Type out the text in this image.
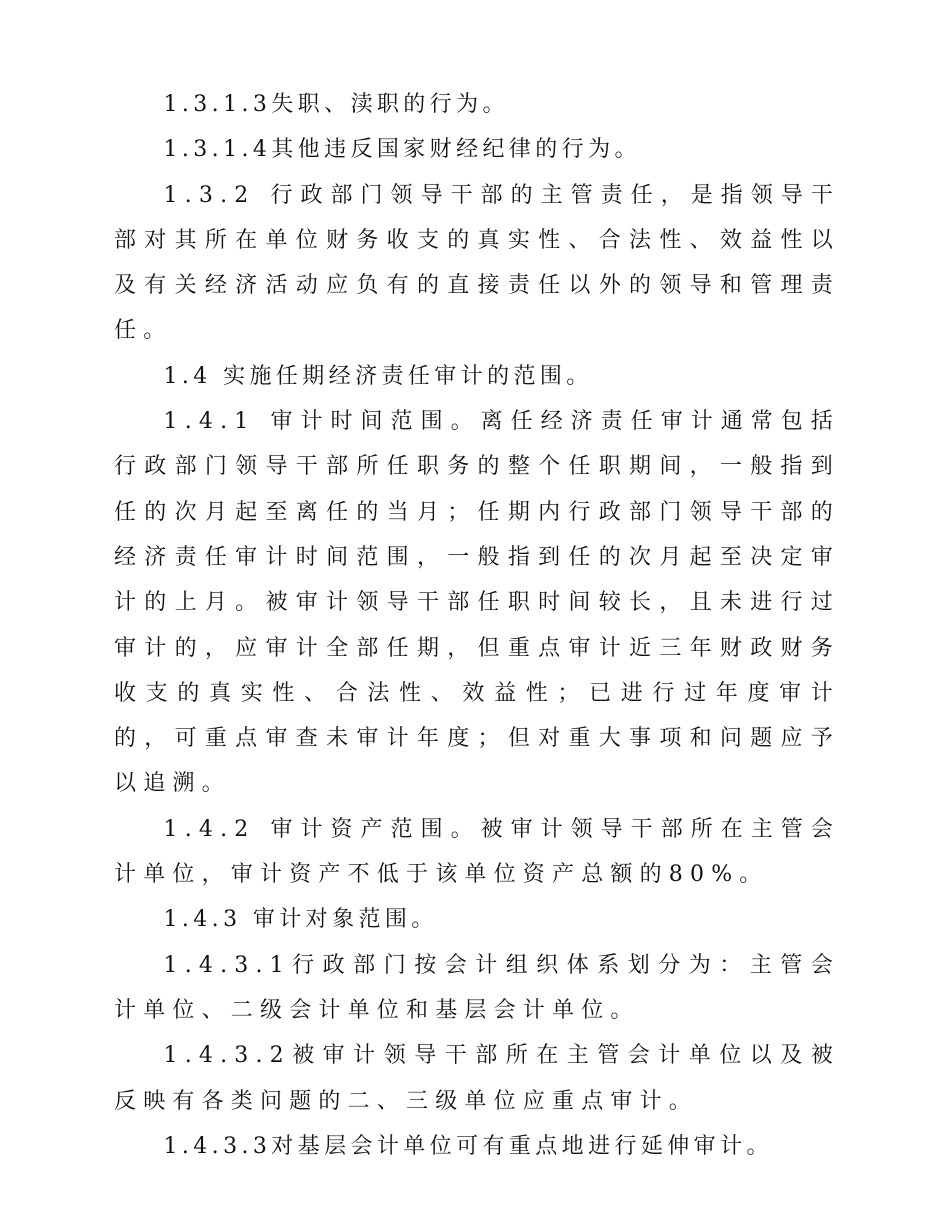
1.3.1.3失职、渎职的行为。

1.3.1.4其他违反国家财经纪律的行为。

1.3.2 行政部门领导干部的主管责任，是指领导干部对其所在单位财务收支的真实性、合法性、效益性以及有关经济活动应负有的直接责任以外的领导和管理责任。

1.4 实施任期经济责任审计的范围。

1.4.1 审计时间范围。离任经济责任审计通常包括行政部门领导干部所任职务的整个任职期间，一般指到任的次月起至离任的当月；任期内行政部门领导干部的经济责任审计时间范围，一般指到任的次月起至决定审计的上月。被审计领导干部任职时间较长，且未进行过审计的，应审计全部任期，但重点审计近三年财政财务收支的真实性、合法性、效益性；已进行过年度审计的，可重点审查未审计年度；但对重大事项和问题应予以追溯。

1.4.2 审计资产范围。被审计领导干部所在主管会计单位，审计资产不低于该单位资产总额的80%。

1.4.3 审计对象范围。

1.4.3.1行政部门按会计组织体系划分为：主管会计单位、二级会计单位和基层会计单位。

1.4.3.2被审计领导干部所在主管会计单位以及被反映有各类问题的二、三级单位应重点审计。

1.4.3.3对基层会计单位可有重点地进行延伸审计。
